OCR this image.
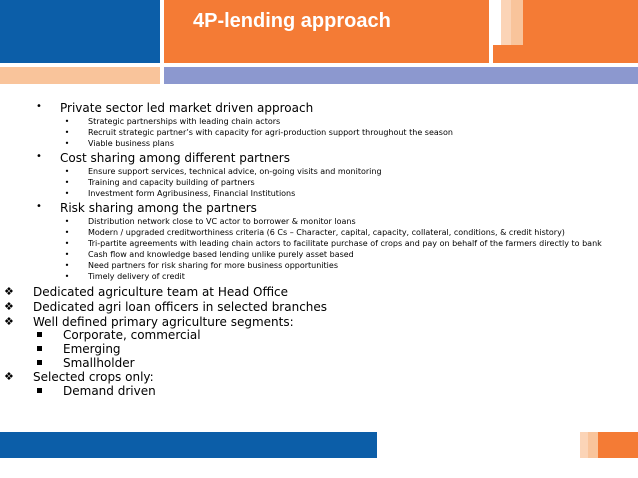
4P-lending approach
• Private sector led market driven approach
• Strategic partnerships with leading chain actors
• Recruit strategic partner’s with capacity for agri-production support throughout the season
• Viable business plans
• Cost sharing among different partners
• Ensure support services, technical advice, on-going visits and monitoring
• Training and capacity building of partners
• Investment form Agribusiness, Financial Institutions
• Risk sharing among the partners
• Distribution network close to VC actor to borrower & monitor loans
• Modern / upgraded creditworthiness criteria (6 Cs – Character, capital, capacity, collateral, conditions, & credit history)
• Tri-partite agreements with leading chain actors to facilitate purchase of crops and pay on behalf of the farmers directly to bank
• Cash flow and knowledge based lending unlike purely asset based
• Need partners for risk sharing for more business opportunities
• Timely delivery of credit
❖ Dedicated agriculture team at Head Office
❖ Dedicated agri loan officers in selected branches
❖ Well defined primary agriculture segments:
Corporate, commercial
Emerging
Smallholder
❖ Selected crops only:
Demand driven
